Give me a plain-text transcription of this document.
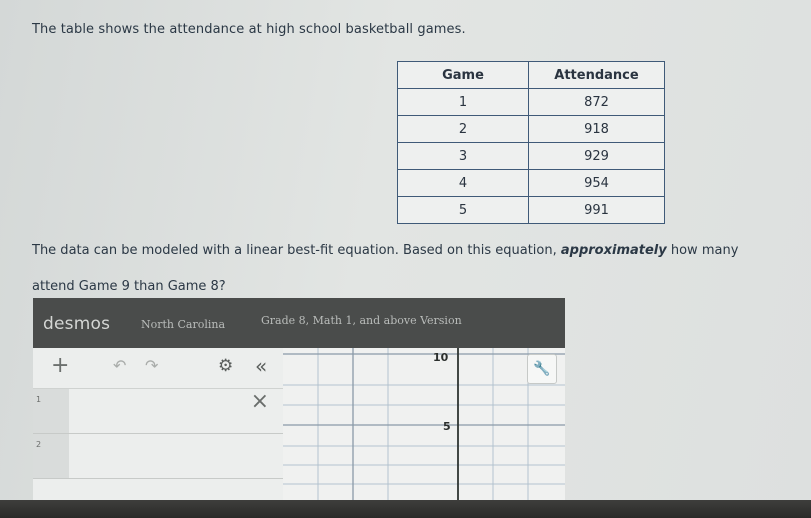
The table shows the attendance at high school basketball games.
Game	Attendance
1	872
2	918
3	929
4	954
5	991
The data can be modeled with a linear best-fit equation. Based on this equation, approximately how many
attend Game 9 than Game 8?
desmos	North Carolina	Grade 8, Math 1, and above Version
+	↶ ↷	⚙ «
1	×
2
10
5
🔧
